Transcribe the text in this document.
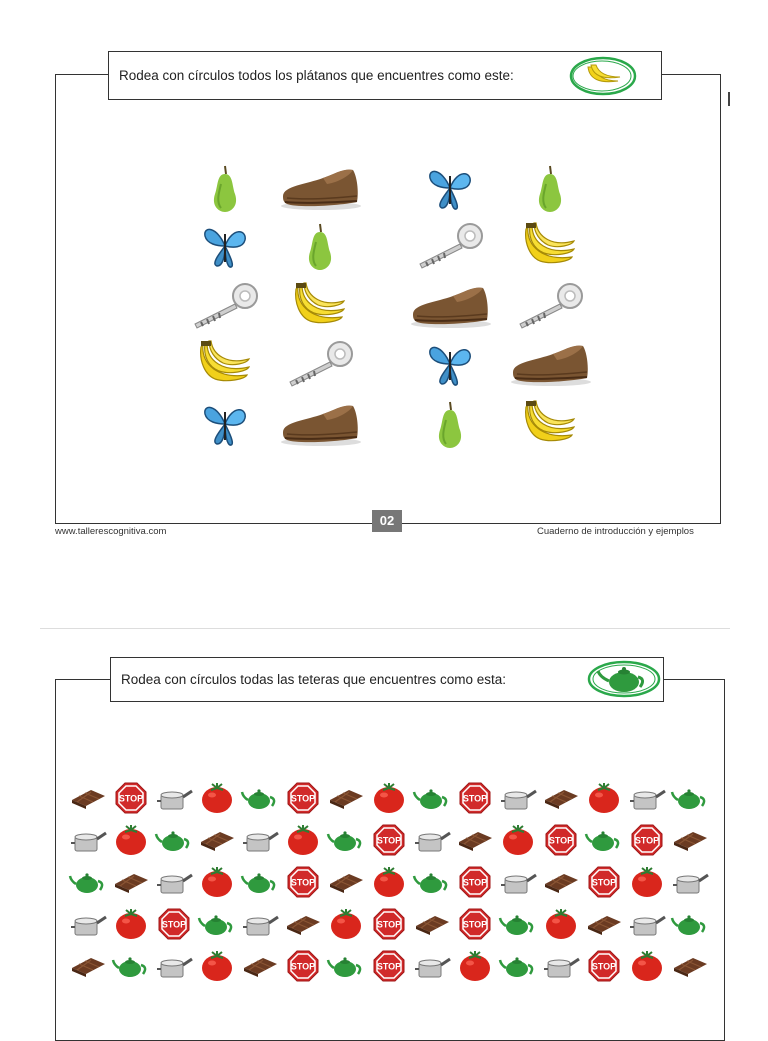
Rodea con círculos todos los plátanos que encuentres como este:
www.tallerescognitiva.com
02
Cuaderno de introducción y ejemplos
Rodea con círculos todas las teteras que encuentres como esta:
STOP	STOP	STOP
STOP	STOP	STOP
STOP	STOP	STOP
STOP	STOP	STOP
STOP	STOP	STOP
